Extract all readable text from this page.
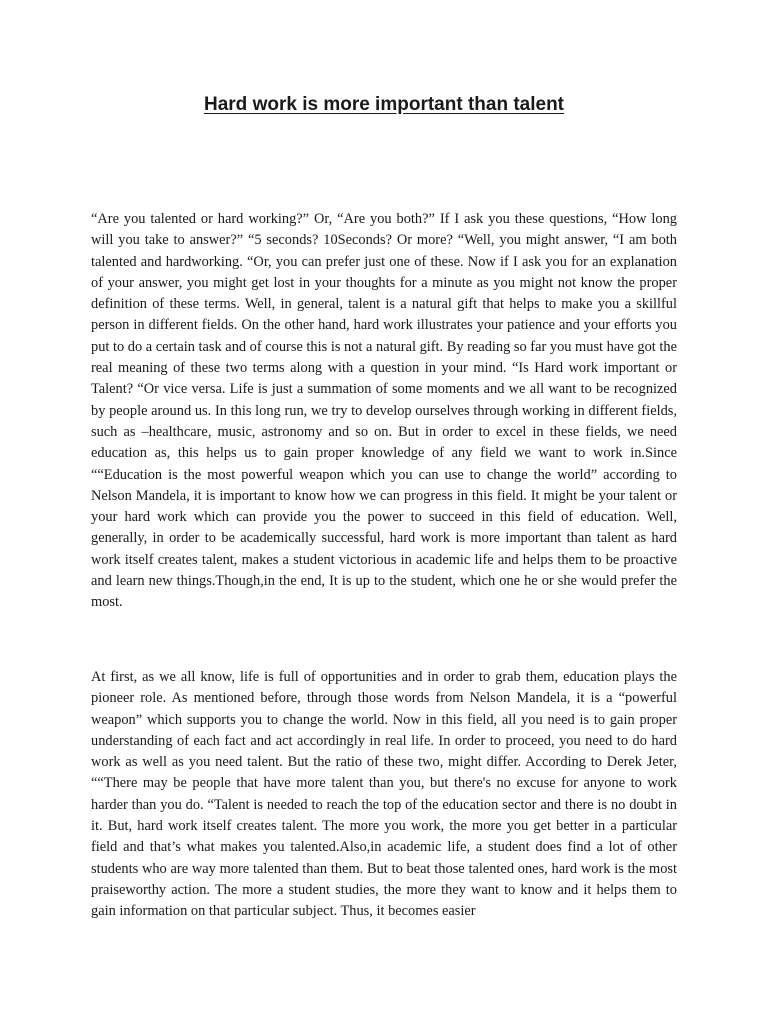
Hard work is more important than talent

“Are you talented or hard working?” Or, “Are you both?” If I ask you these questions, “How long will you take to answer?” “5 seconds? 10Seconds? Or more? “Well, you might answer, “I am both talented and hardworking. “Or, you can prefer just one of these. Now if I ask you for an explanation of your answer, you might get lost in your thoughts for a minute as you might not know the proper definition of these terms. Well, in general, talent is a natural gift that helps to make you a skillful person in different fields. On the other hand, hard work illustrates your patience and your efforts you put to do a certain task and of course this is not a natural gift. By reading so far you must have got the real meaning of these two terms along with a question in your mind. “Is Hard work important or Talent? “Or vice versa. Life is just a summation of some moments and we all want to be recognized by people around us. In this long run, we try to develop ourselves through working in different fields, such as –healthcare, music, astronomy and so on. But in order to excel in these fields, we need education as, this helps us to gain proper knowledge of any field we want to work in.Since ““Education is the most powerful weapon which you can use to change the world” according to Nelson Mandela, it is important to know how we can progress in this field. It might be your talent or your hard work which can provide you the power to succeed in this field of education. Well, generally, in order to be academically successful, hard work is more important than talent as hard work itself creates talent, makes a student victorious in academic life and helps them to be proactive and learn new things.Though,in the end, It is up to the student, which one he or she would prefer the most.

At first, as we all know, life is full of opportunities and in order to grab them, education plays the pioneer role. As mentioned before, through those words from Nelson Mandela, it is a “powerful weapon” which supports you to change the world. Now in this field, all you need is to gain proper understanding of each fact and act accordingly in real life. In order to proceed, you need to do hard work as well as you need talent. But the ratio of these two, might differ. According to Derek Jeter, ““There may be people that have more talent than you, but there's no excuse for anyone to work harder than you do. “Talent is needed to reach the top of the education sector and there is no doubt in it. But, hard work itself creates talent. The more you work, the more you get better in a particular field and that’s what makes you talented.Also,in academic life, a student does find a lot of other students who are way more talented than them. But to beat those talented ones, hard work is the most praiseworthy action. The more a student studies, the more they want to know and it helps them to gain information on that particular subject. Thus, it becomes easier
